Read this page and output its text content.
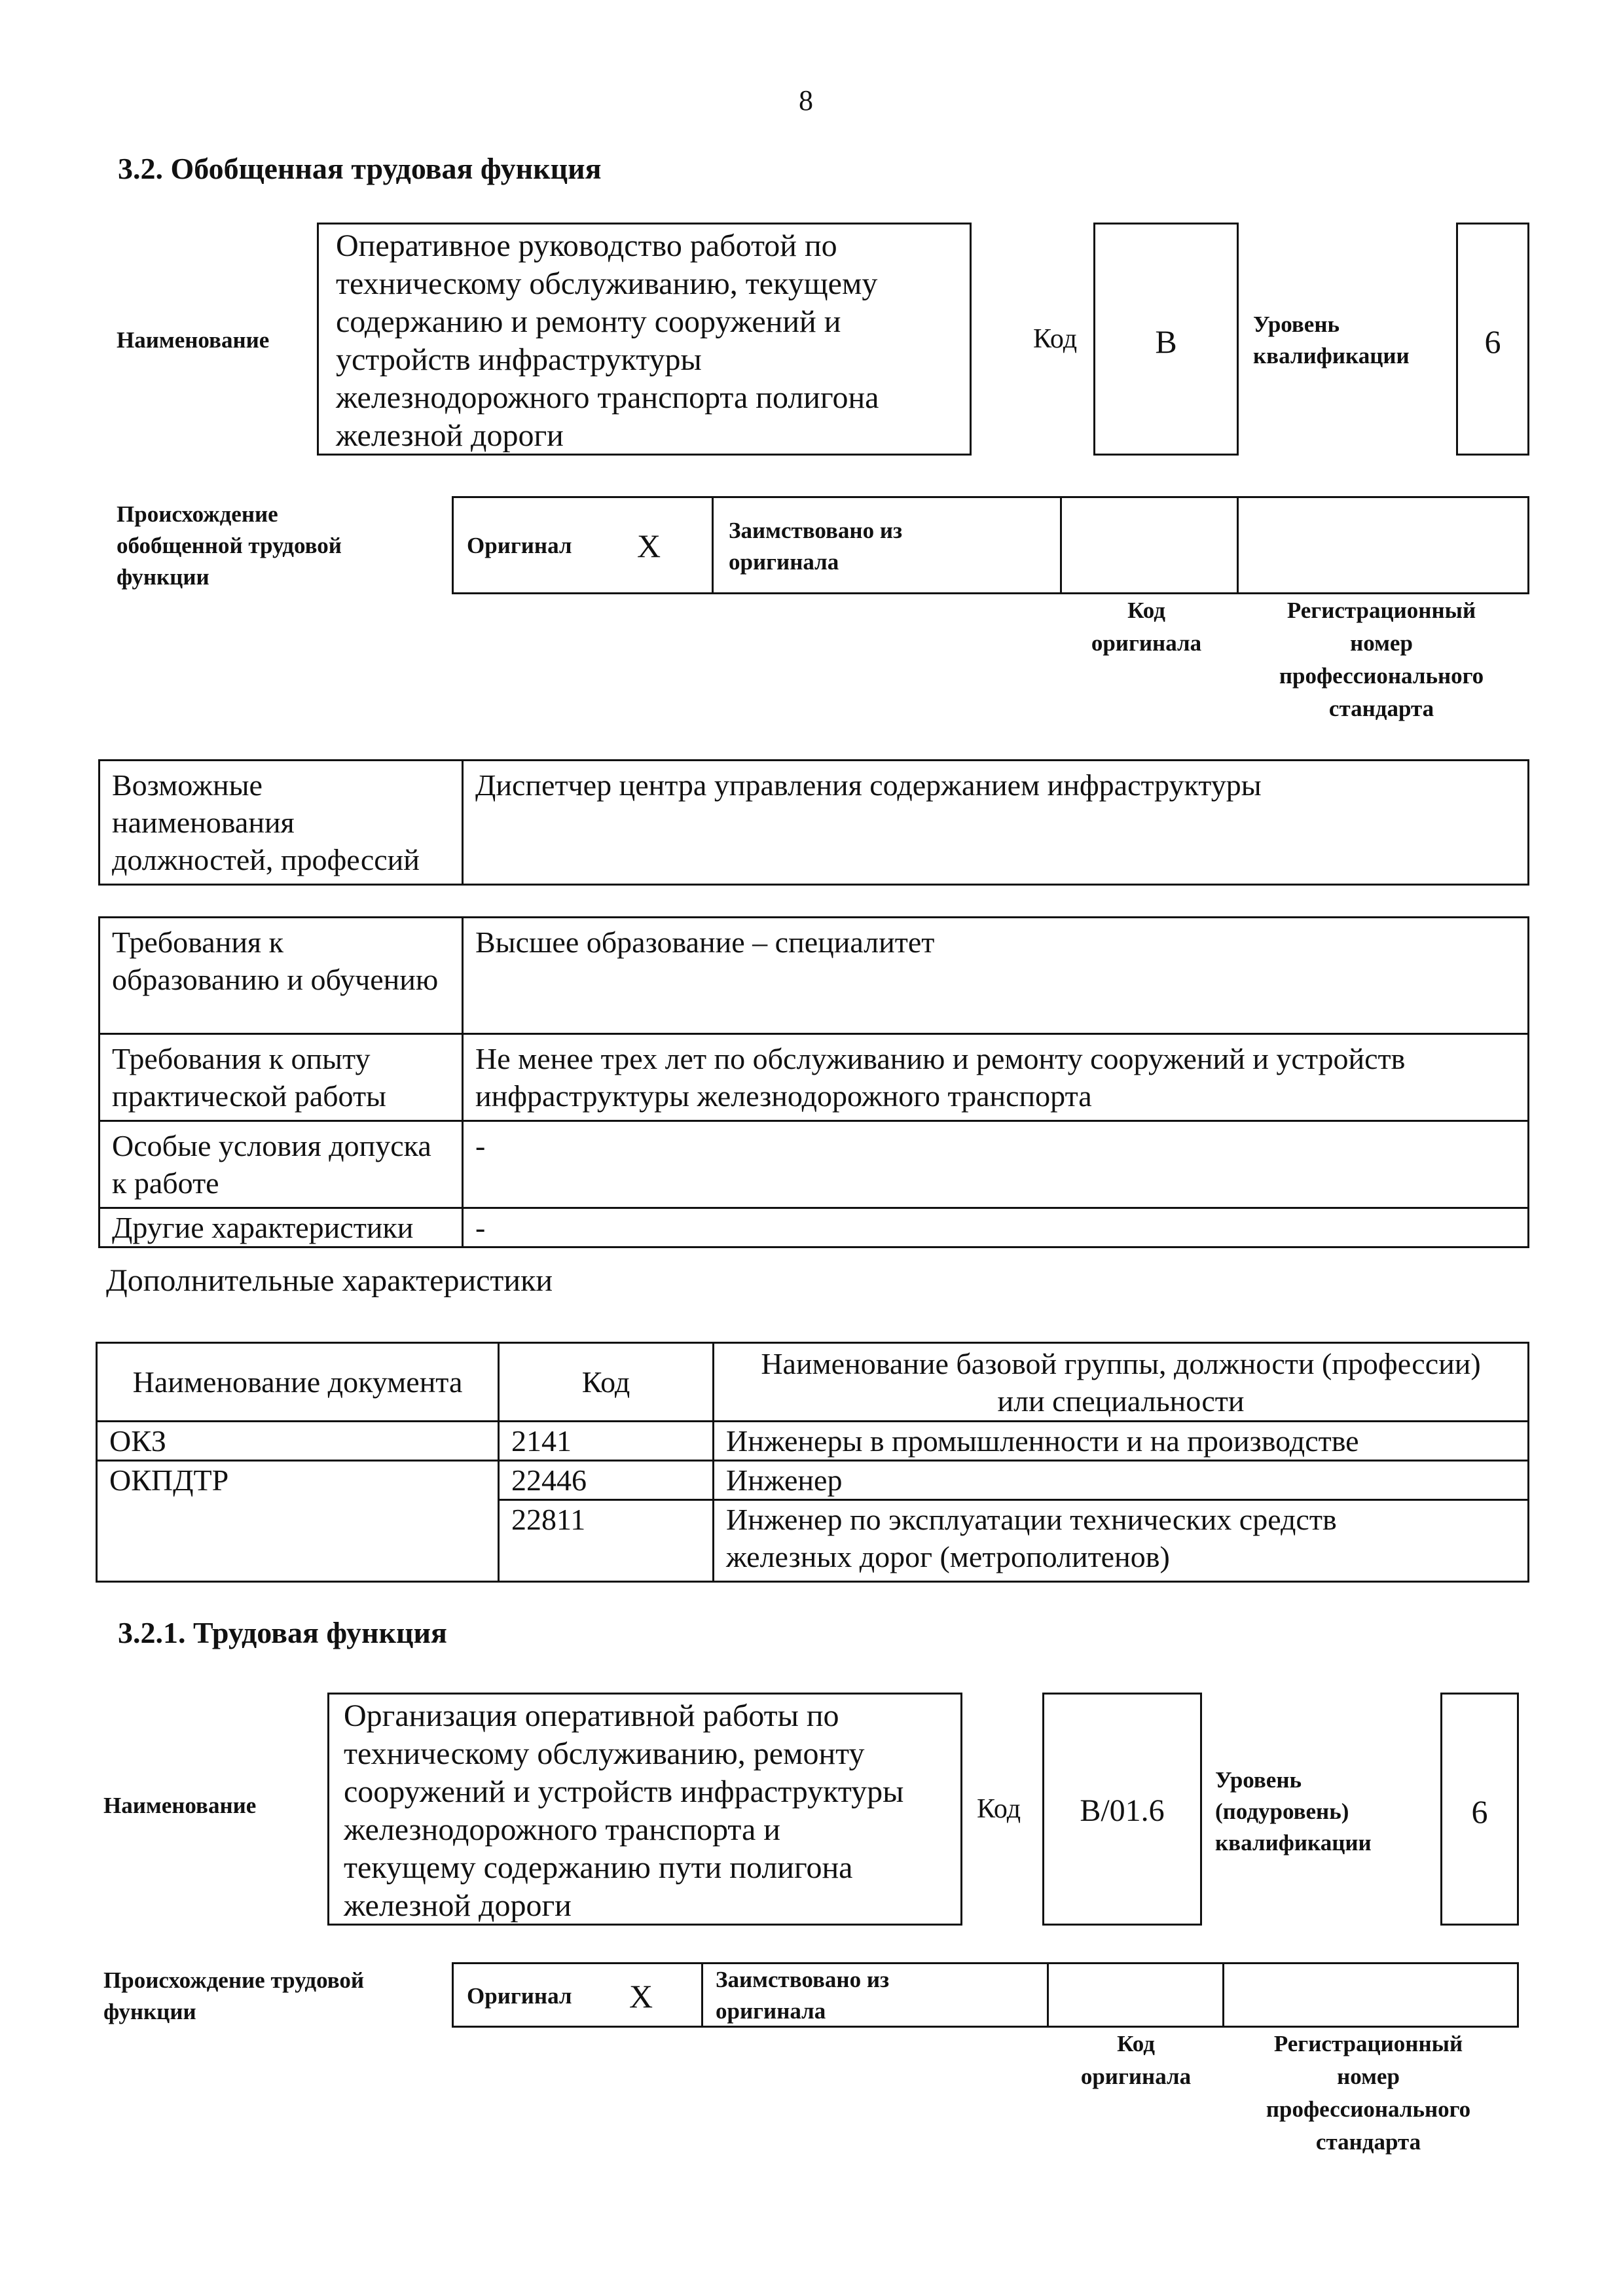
8
3.2. Обобщенная трудовая функция
Наименование
Оперативное руководство работой по
техническому обслуживанию, текущему
содержанию и ремонту сооружений и
устройств инфраструктуры
железнодорожного транспорта полигона
железной дороги
Код	B	Уровень
квалификации	6
Происхождение
обобщенной трудовой
функции
Оригинал X	Заимствовано из
оригинала
Код
оригинала
Регистрационный
номер
профессионального
стандарта
Возможные наименования должностей, профессий	Диспетчер центра управления содержанием инфраструктуры
Требования к образованию и обучению	Высшее образование – специалитет
Требования к опыту практической работы	Не менее трех лет по обслуживанию и ремонту сооружений и устройств инфраструктуры железнодорожного транспорта
Особые условия допуска к работе	-
Другие характеристики	-
Дополнительные характеристики
Наименование документа	Код	Наименование базовой группы, должности (профессии) или специальности
ОКЗ	2141	Инженеры в промышленности и на производстве
ОКПДТР	22446	Инженер
	22811	Инженер по эксплуатации технических средств железных дорог (метрополитенов)
3.2.1. Трудовая функция
Наименование
Организация оперативной работы по
техническому обслуживанию, ремонту
сооружений и устройств инфраструктуры
железнодорожного транспорта и
текущему содержанию пути полигона
железной дороги
Код	B/01.6
Уровень
(подуровень)
квалификации
6
Происхождение трудовой
функции
Оригинал X	Заимствовано из
оригинала
Код
оригинала
Регистрационный
номер
профессионального
стандарта
